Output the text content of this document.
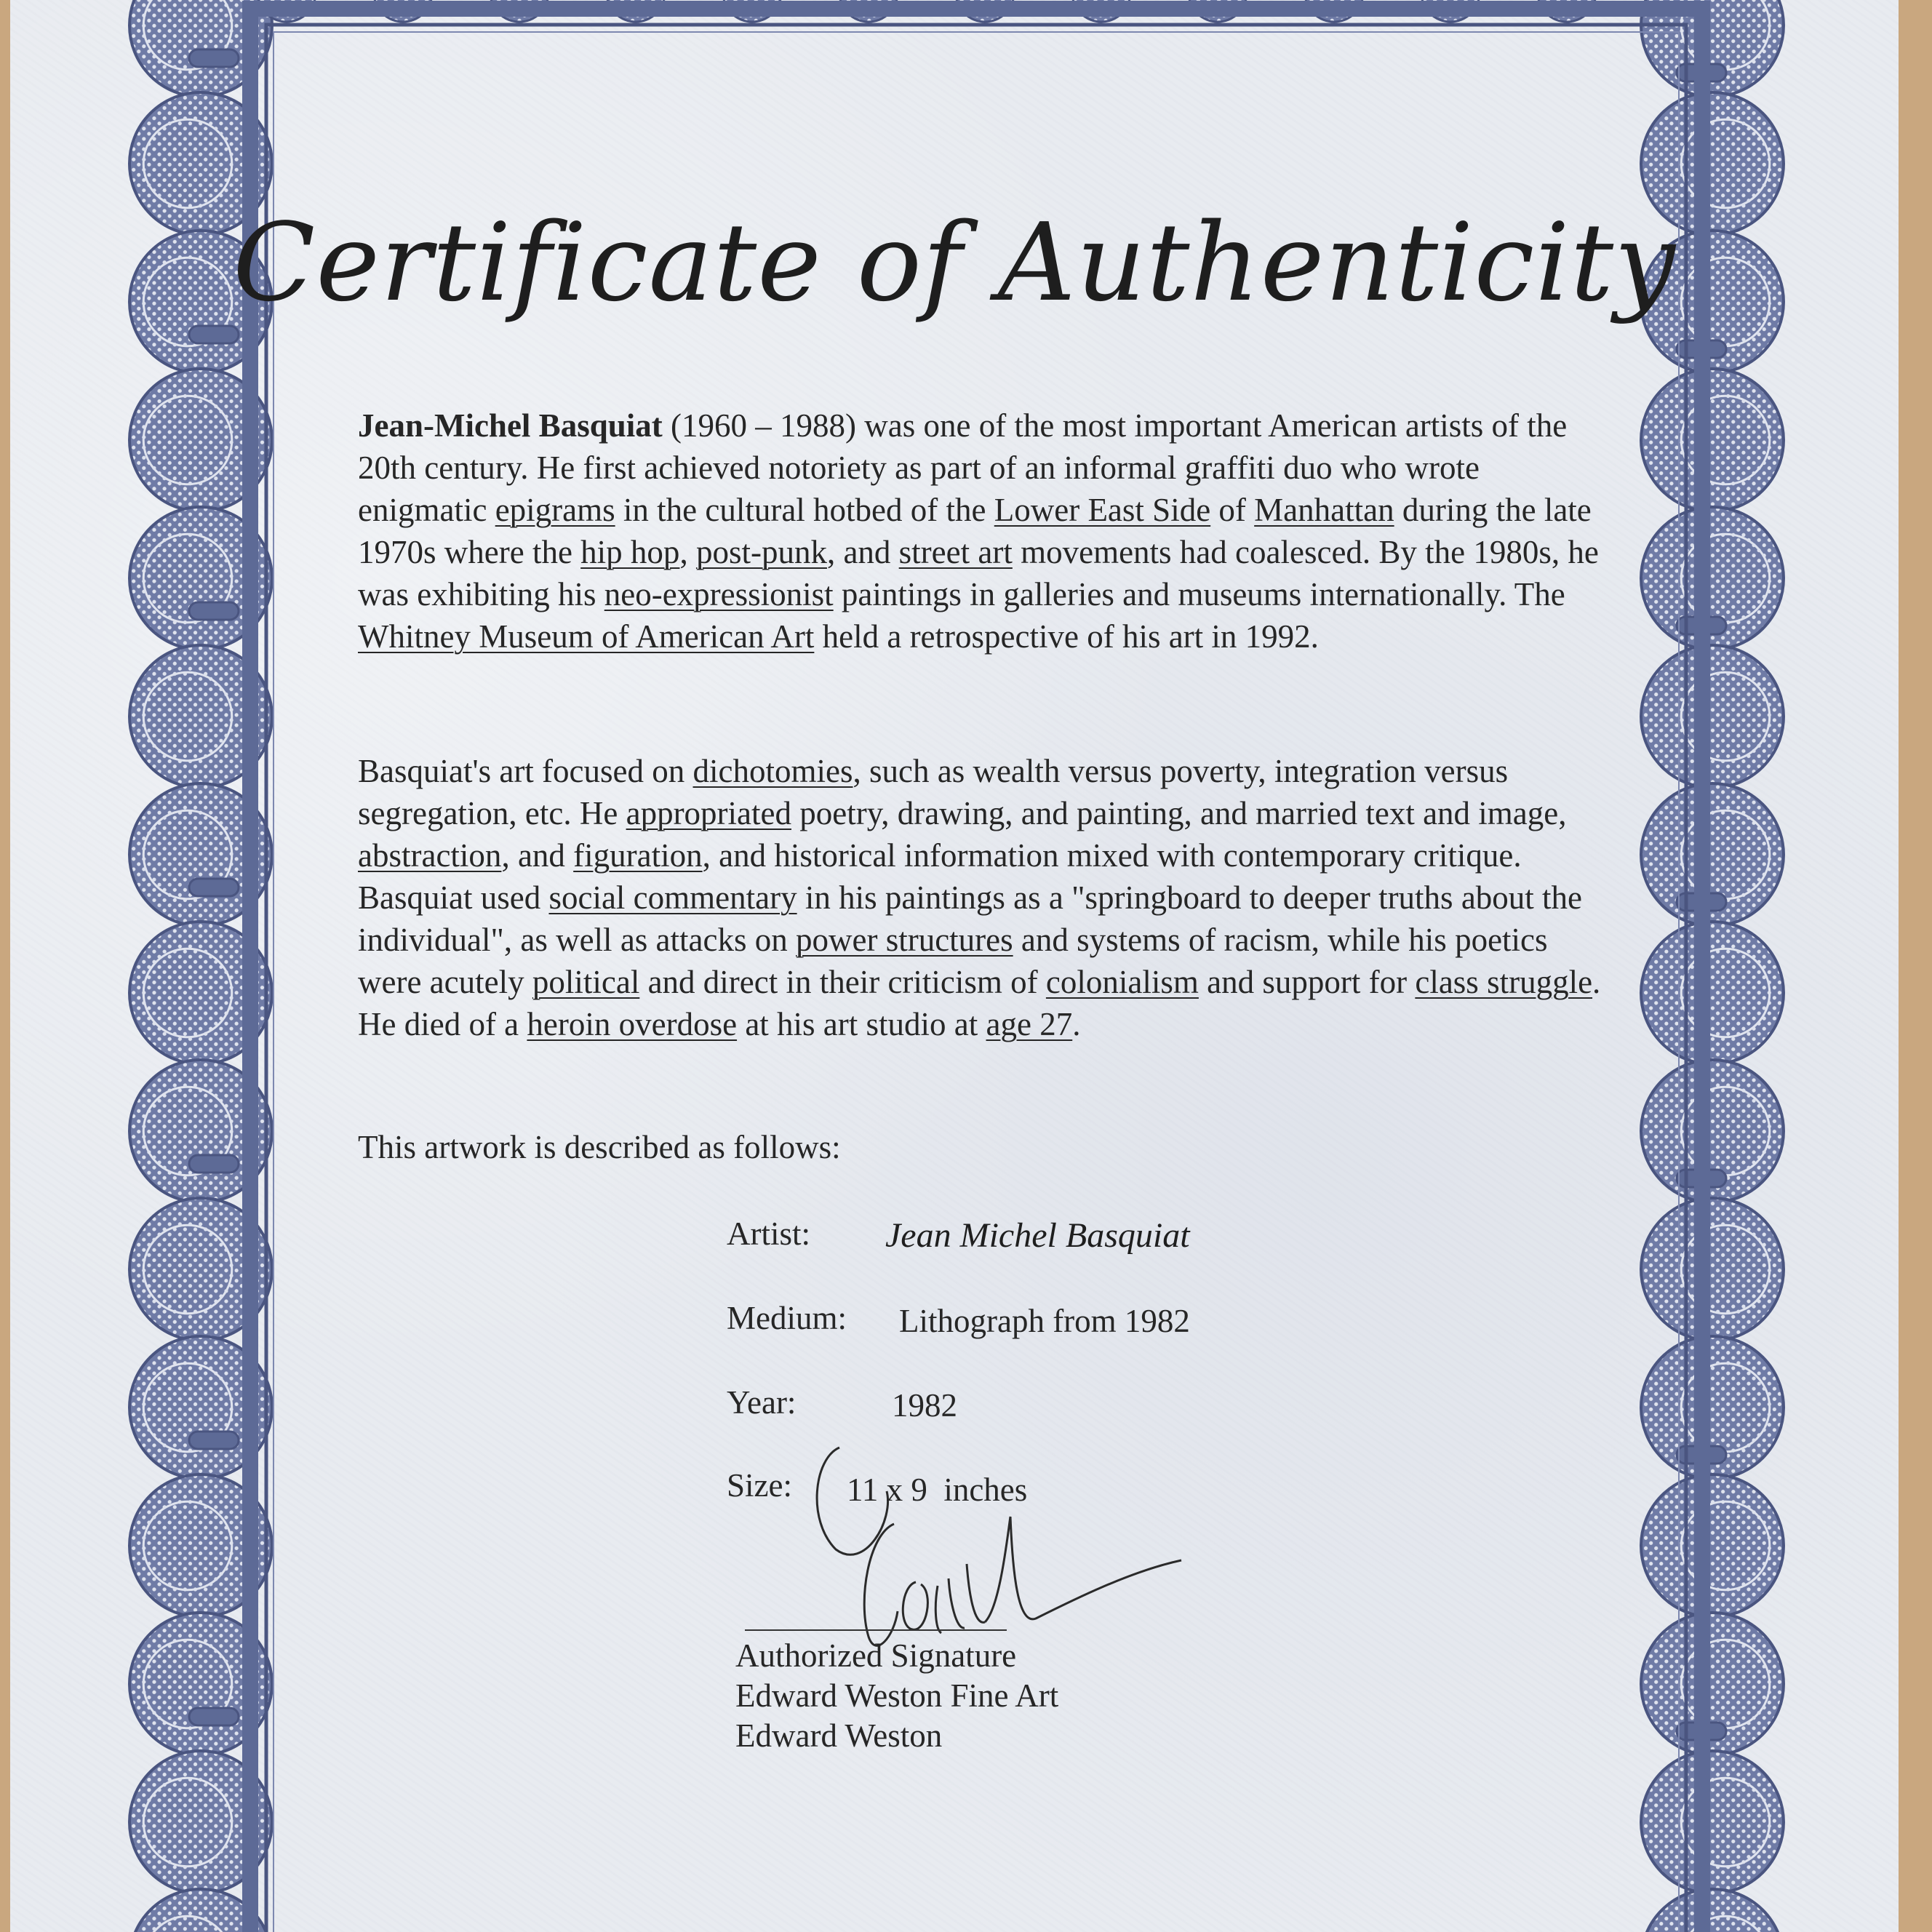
Certificate of Authenticity
Jean-Michel Basquiat (1960 – 1988) was one of the most important American artists of the 20th century. He first achieved notoriety as part of an informal graffiti duo who wrote enigmatic epigrams in the cultural hotbed of the Lower East Side of Manhattan during the late 1970s where the hip hop, post-punk, and street art movements had coalesced. By the 1980s, he was exhibiting his neo-expressionist paintings in galleries and museums internationally. The Whitney Museum of American Art held a retrospective of his art in 1992.
Basquiat's art focused on dichotomies, such as wealth versus poverty, integration versus segregation, etc. He appropriated poetry, drawing, and painting, and married text and image, abstraction, and figuration, and historical information mixed with contemporary critique. Basquiat used social commentary in his paintings as a "springboard to deeper truths about the individual", as well as attacks on power structures and systems of racism, while his poetics were acutely political and direct in their criticism of colonialism and support for class struggle. He died of a heroin overdose at his art studio at age 27.
This artwork is described as follows:
Artist: Jean Michel Basquiat
Medium: Lithograph from 1982
Year:	1982
Size: 11 x 9  inches
Authorized Signature
Edward Weston Fine Art
Edward Weston
